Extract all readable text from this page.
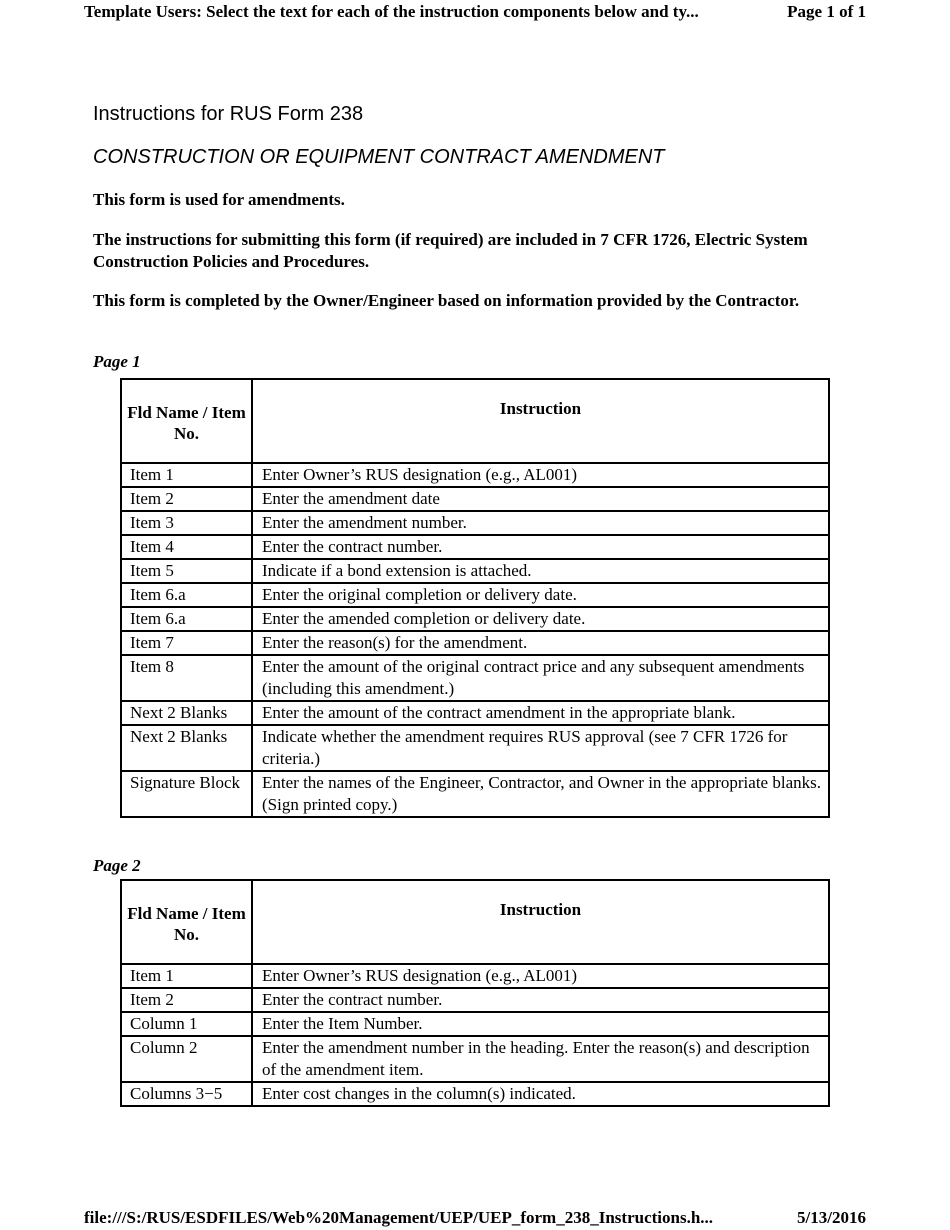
Template Users: Select the text for each of the instruction components below and ty...	Page 1 of 1
Instructions for RUS Form 238
CONSTRUCTION OR EQUIPMENT CONTRACT AMENDMENT
This form is used for amendments.
The instructions for submitting this form (if required) are included in 7 CFR 1726, Electric System Construction Policies and Procedures.
This form is completed by the Owner/Engineer based on information provided by the Contractor.
Page 1
Fld Name / Item No.	Instruction
Item 1	Enter Owner’s RUS designation (e.g., AL001)
Item 2	Enter the amendment date
Item 3	Enter the amendment number.
Item 4	Enter the contract number.
Item 5	Indicate if a bond extension is attached.
Item 6.a	Enter the original completion or delivery date.
Item 6.a	Enter the amended completion or delivery date.
Item 7	Enter the reason(s) for the amendment.
Item 8	Enter the amount of the original contract price and any subsequent amendments (including this amendment.)
Next 2 Blanks	Enter the amount of the contract amendment in the appropriate blank.
Next 2 Blanks	Indicate whether the amendment requires RUS approval (see 7 CFR 1726 for criteria.)
Signature Block	Enter the names of the Engineer, Contractor, and Owner in the appropriate blanks. (Sign printed copy.)
Page 2
Fld Name / Item No.	Instruction
Item 1	Enter Owner’s RUS designation (e.g., AL001)
Item 2	Enter the contract number.
Column 1	Enter the Item Number.
Column 2	Enter the amendment number in the heading. Enter the reason(s) and description of the amendment item.
Columns 3−5	Enter cost changes in the column(s) indicated.
file:///S:/RUS/ESDFILES/Web%20Management/UEP/UEP_form_238_Instructions.h...	5/13/2016
